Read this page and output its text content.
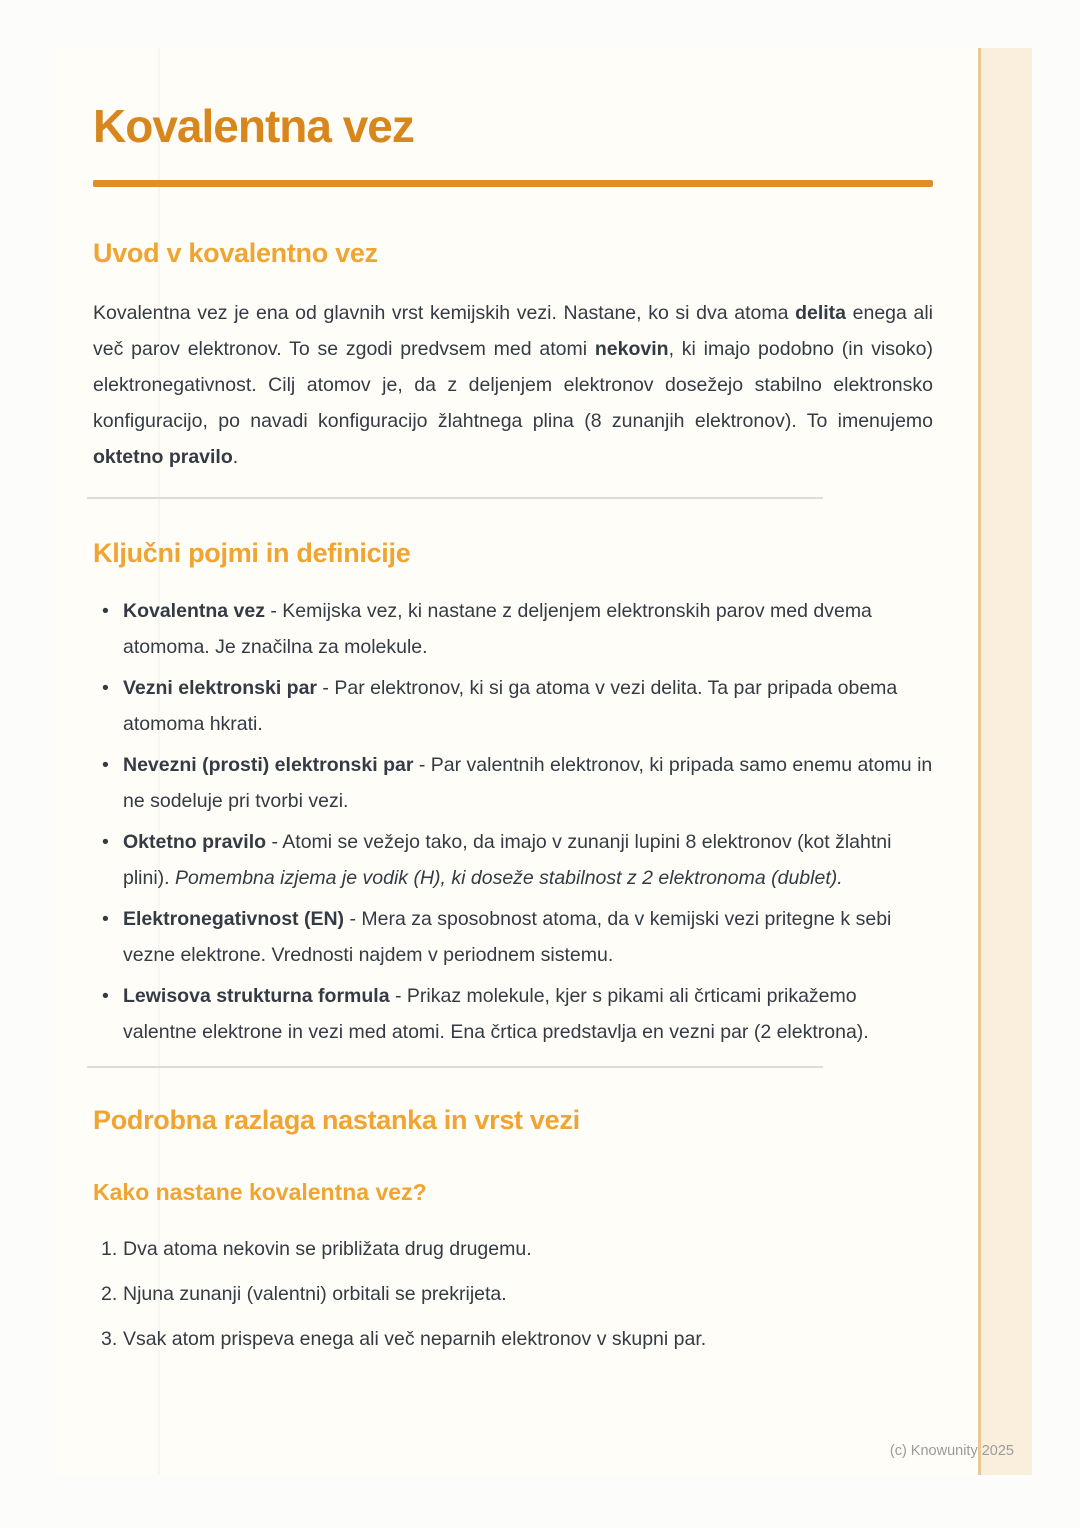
Kovalentna vez
Uvod v kovalentno vez

Kovalentna vez je ena od glavnih vrst kemijskih vezi. Nastane, ko si dva atoma delita enega ali več parov elektronov. To se zgodi predvsem med atomi nekovin, ki imajo podobno (in visoko) elektronegativnost. Cilj atomov je, da z deljenjem elektronov dosežejo stabilno elektronsko konfiguracijo, po navadi konfiguracijo žlahtnega plina (8 zunanjih elektronov). To imenujemo oktetno pravilo.

Ključni pojmi in definicije
• Kovalentna vez - Kemijska vez, ki nastane z deljenjem elektronskih parov med dvema atomoma. Je značilna za molekule.
• Vezni elektronski par - Par elektronov, ki si ga atoma v vezi delita. Ta par pripada obema atomoma hkrati.
• Nevezni (prosti) elektronski par - Par valentnih elektronov, ki pripada samo enemu atomu in ne sodeluje pri tvorbi vezi.
• Oktetno pravilo - Atomi se vežejo tako, da imajo v zunanji lupini 8 elektronov (kot žlahtni plini). Pomembna izjema je vodik (H), ki doseže stabilnost z 2 elektronoma (dublet).
• Elektronegativnost (EN) - Mera za sposobnost atoma, da v kemijski vezi pritegne k sebi vezne elektrone. Vrednosti najdem v periodnem sistemu.
• Lewisova strukturna formula - Prikaz molekule, kjer s pikami ali črticami prikažemo valentne elektrone in vezi med atomi. Ena črtica predstavlja en vezni par (2 elektrona).
Podrobna razlaga nastanka in vrst vezi
Kako nastane kovalentna vez?
1. Dva atoma nekovin se približata drug drugemu.
2. Njuna zunanji (valentni) orbitali se prekrijeta.
3. Vsak atom prispeva enega ali več neparnih elektronov v skupni par.
(c) Knowunity 2025
